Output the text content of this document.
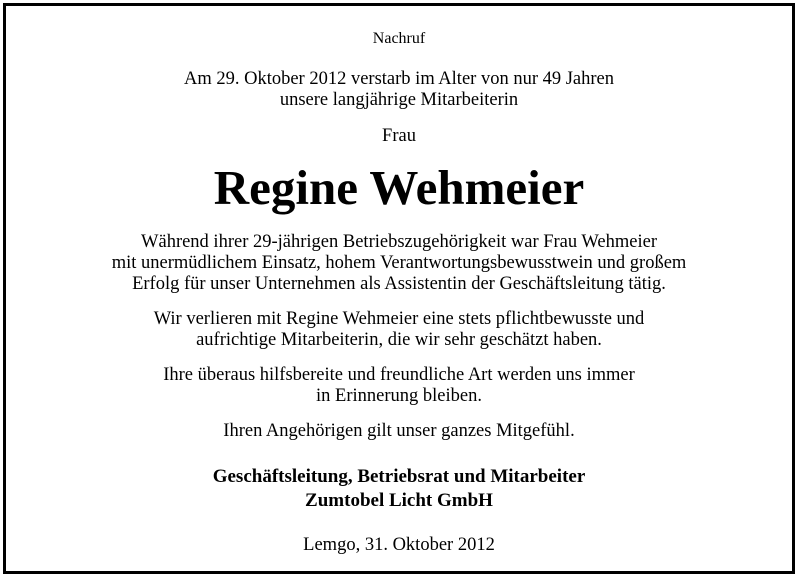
Nachruf
Am 29. Oktober 2012 verstarb im Alter von nur 49 Jahren
unsere langjährige Mitarbeiterin
Frau
Regine Wehmeier
Während ihrer 29-jährigen Betriebszugehörigkeit war Frau Wehmeier
mit unermüdlichem Einsatz, hohem Verantwortungsbewusstwein und großem
Erfolg für unser Unternehmen als Assistentin der Geschäftsleitung tätig.
Wir verlieren mit Regine Wehmeier eine stets pflichtbewusste und
aufrichtige Mitarbeiterin, die wir sehr geschätzt haben.
Ihre überaus hilfsbereite und freundliche Art werden uns immer
in Erinnerung bleiben.
Ihren Angehörigen gilt unser ganzes Mitgefühl.
Geschäftsleitung, Betriebsrat und Mitarbeiter
Zumtobel Licht GmbH
Lemgo, 31. Oktober 2012
